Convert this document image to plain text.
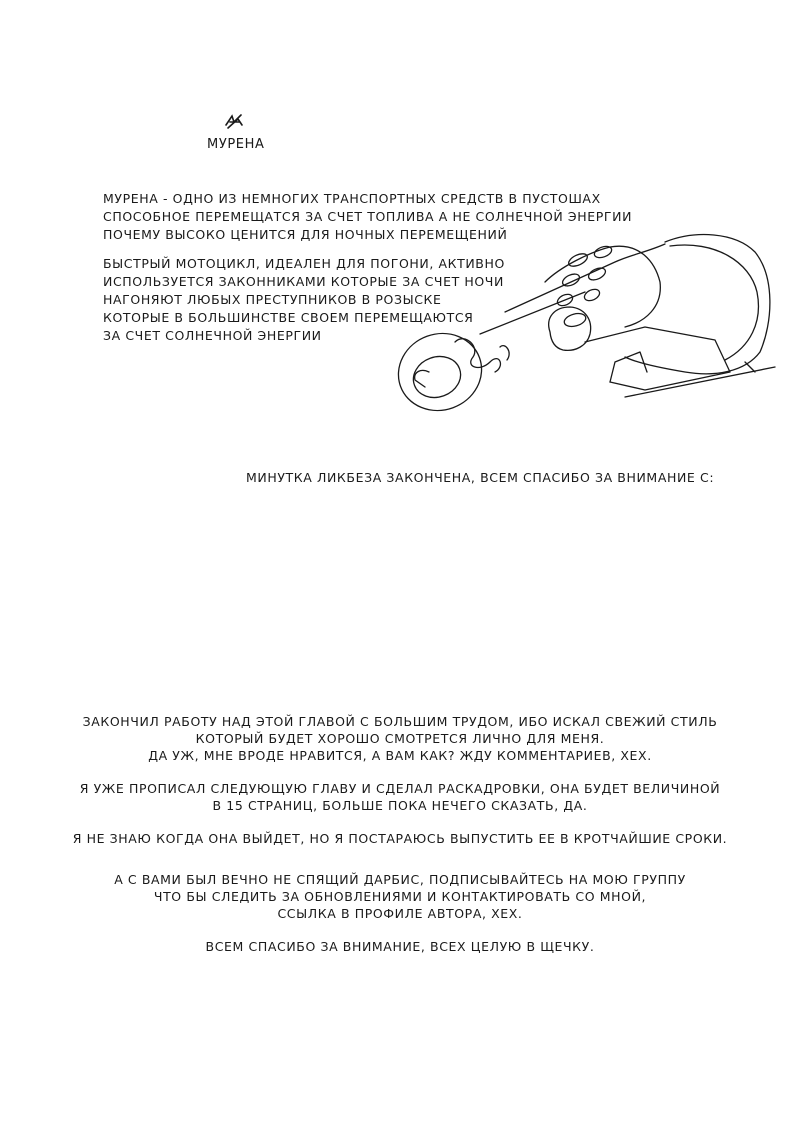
МУРЕНА
МУРЕНА - ОДНО ИЗ НЕМНОГИХ ТРАНСПОРТНЫХ СРЕДСТВ В ПУСТОШАХ
СПОСОБНОЕ ПЕРЕМЕЩАТСЯ ЗА СЧЕТ ТОПЛИВА А НЕ СОЛНЕЧНОЙ ЭНЕРГИИ
ПОЧЕМУ ВЫСОКО ЦЕНИТСЯ ДЛЯ НОЧНЫХ ПЕРЕМЕЩЕНИЙ
БЫСТРЫЙ МОТОЦИКЛ, ИДЕАЛЕН ДЛЯ ПОГОНИ, АКТИВНО
ИСПОЛЬЗУЕТСЯ ЗАКОННИКАМИ КОТОРЫЕ ЗА СЧЕТ НОЧИ
НАГОНЯЮТ ЛЮБЫХ ПРЕСТУПНИКОВ В РОЗЫСКЕ
КОТОРЫЕ В БОЛЬШИНСТВЕ СВОЕМ ПЕРЕМЕЩАЮТСЯ
ЗА СЧЕТ СОЛНЕЧНОЙ ЭНЕРГИИ
МИНУТКА ЛИКБЕЗА ЗАКОНЧЕНА, ВСЕМ СПАСИБО ЗА ВНИМАНИЕ С:
ЗАКОНЧИЛ РАБОТУ НАД ЭТОЙ ГЛАВОЙ С БОЛЬШИМ ТРУДОМ, ИБО ИСКАЛ СВЕЖИЙ СТИЛЬ
КОТОРЫЙ БУДЕТ ХОРОШО СМОТРЕТСЯ ЛИЧНО ДЛЯ МЕНЯ.
ДА УЖ, МНЕ ВРОДЕ НРАВИТСЯ, А ВАМ КАК? ЖДУ КОММЕНТАРИЕВ, ХЕХ.
Я УЖЕ ПРОПИСАЛ СЛЕДУЮЩУЮ ГЛАВУ И СДЕЛАЛ РАСКАДРОВКИ, ОНА БУДЕТ ВЕЛИЧИНОЙ
В 15 СТРАНИЦ, БОЛЬШЕ ПОКА НЕЧЕГО СКАЗАТЬ, ДА.
Я НЕ ЗНАЮ КОГДА ОНА ВЫЙДЕТ, НО Я ПОСТАРАЮСЬ ВЫПУСТИТЬ ЕЕ В КРОТЧАЙШИЕ СРОКИ.
А С ВАМИ БЫЛ ВЕЧНО НЕ СПЯЩИЙ ДАРБИС, ПОДПИСЫВАЙТЕСЬ НА МОЮ ГРУППУ
ЧТО БЫ СЛЕДИТЬ ЗА ОБНОВЛЕНИЯМИ И КОНТАКТИРОВАТЬ СО МНОЙ,
ССЫЛКА В ПРОФИЛЕ АВТОРА, ХЕХ.
ВСЕМ СПАСИБО ЗА ВНИМАНИЕ, ВСЕХ ЦЕЛУЮ В ЩЕЧКУ.
